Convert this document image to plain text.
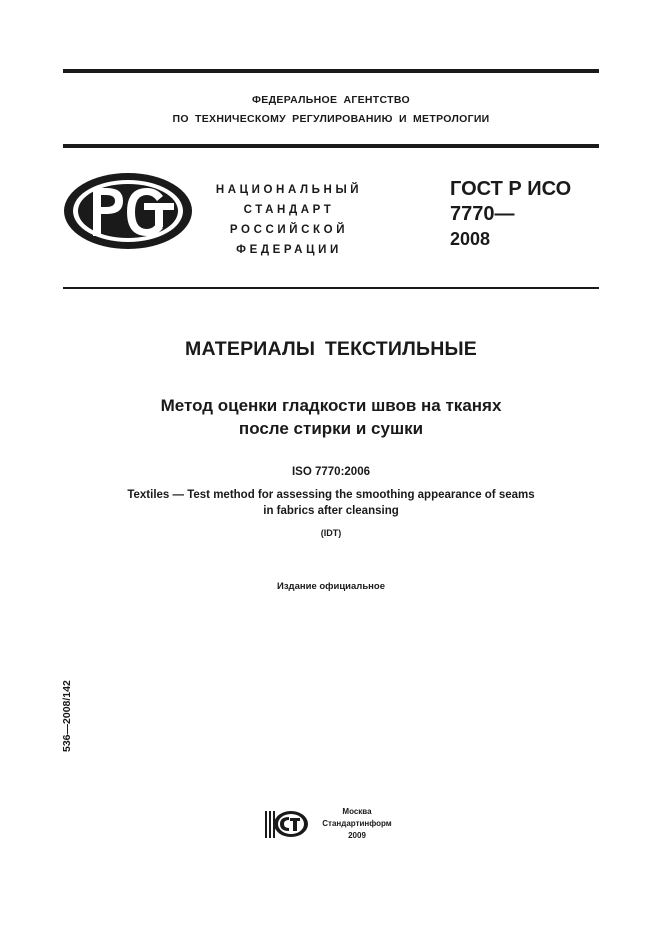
ФЕДЕРАЛЬНОЕ АГЕНТСТВО
ПО ТЕХНИЧЕСКОМУ РЕГУЛИРОВАНИЮ И МЕТРОЛОГИИ
НАЦИОНАЛЬНЫЙ
СТАНДАРТ
РОССИЙСКОЙ
ФЕДЕРАЦИИ
ГОСТ Р ИСО
7770—
2008
МАТЕРИАЛЫ ТЕКСТИЛЬНЫЕ
Метод оценки гладкости швов на тканях
после стирки и сушки
ISO 7770:2006
Textiles — Test method for assessing the smoothing appearance of seams
in fabrics after cleansing
(IDT)
Издание официальное
536—2008/142
Москва
Стандартинформ
2009
